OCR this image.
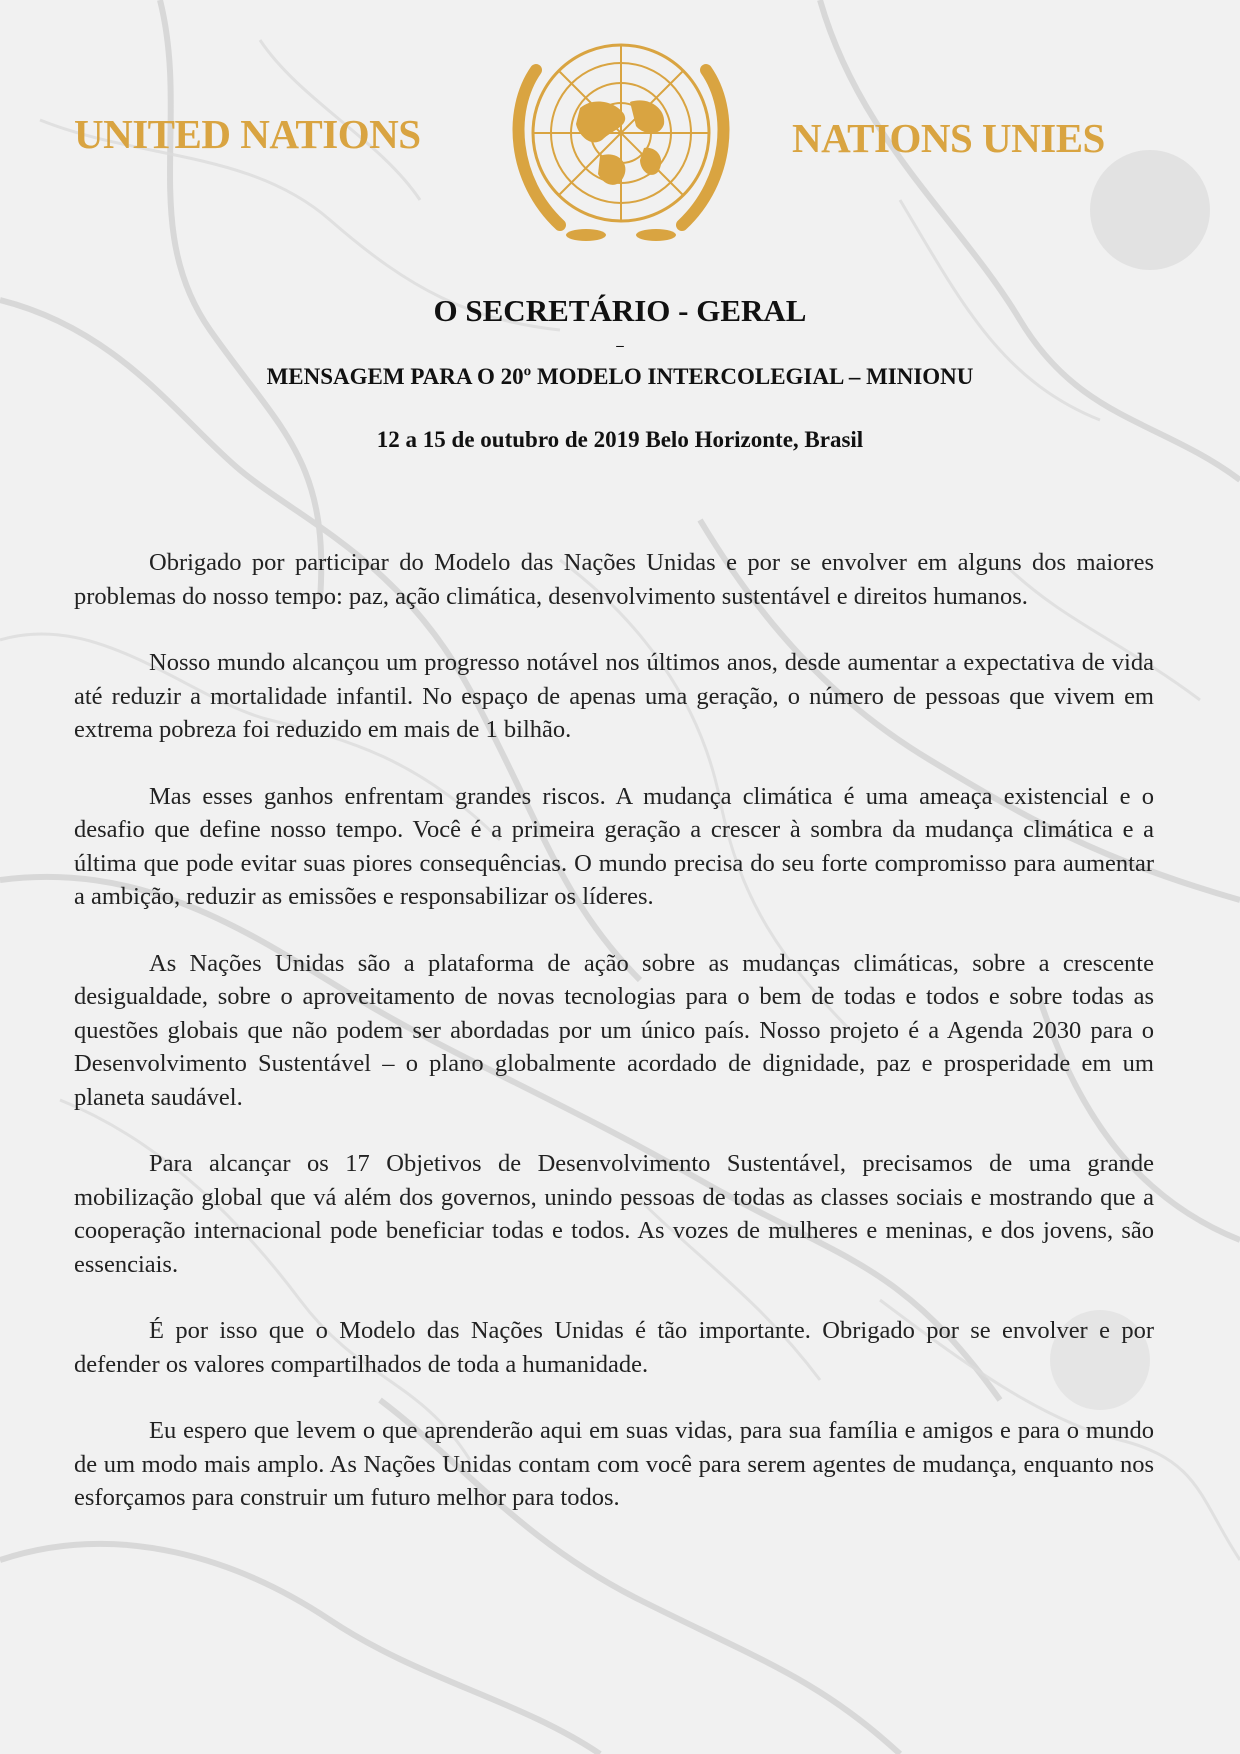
UNITED NATIONS	NATIONS UNIES
O SECRETÁRIO - GERAL
–
MENSAGEM PARA O 20º MODELO INTERCOLEGIAL – MINIONU
12 a 15 de outubro de 2019 Belo Horizonte, Brasil

Obrigado por participar do Modelo das Nações Unidas e por se envolver em alguns dos maiores problemas do nosso tempo: paz, ação climática, desenvolvimento sustentável e direitos humanos.

Nosso mundo alcançou um progresso notável nos últimos anos, desde aumentar a expectativa de vida até reduzir a mortalidade infantil. No espaço de apenas uma geração, o número de pessoas que vivem em extrema pobreza foi reduzido em mais de 1 bilhão.

Mas esses ganhos enfrentam grandes riscos. A mudança climática é uma ameaça existencial e o desafio que define nosso tempo. Você é a primeira geração a crescer à sombra da mudança climática e a última que pode evitar suas piores consequências. O mundo precisa do seu forte compromisso para aumentar a ambição, reduzir as emissões e responsabilizar os líderes.

As Nações Unidas são a plataforma de ação sobre as mudanças climáticas, sobre a crescente desigualdade, sobre o aproveitamento de novas tecnologias para o bem de todas e todos e sobre todas as questões globais que não podem ser abordadas por um único país. Nosso projeto é a Agenda 2030 para o Desenvolvimento Sustentável – o plano globalmente acordado de dignidade, paz e prosperidade em um planeta saudável.

Para alcançar os 17 Objetivos de Desenvolvimento Sustentável, precisamos de uma grande mobilização global que vá além dos governos, unindo pessoas de todas as classes sociais e mostrando que a cooperação internacional pode beneficiar todas e todos. As vozes de mulheres e meninas, e dos jovens, são essenciais.

É por isso que o Modelo das Nações Unidas é tão importante. Obrigado por se envolver e por defender os valores compartilhados de toda a humanidade.

Eu espero que levem o que aprenderão aqui em suas vidas, para sua família e amigos e para o mundo de um modo mais amplo. As Nações Unidas contam com você para serem agentes de mudança, enquanto nos esforçamos para construir um futuro melhor para todos.
